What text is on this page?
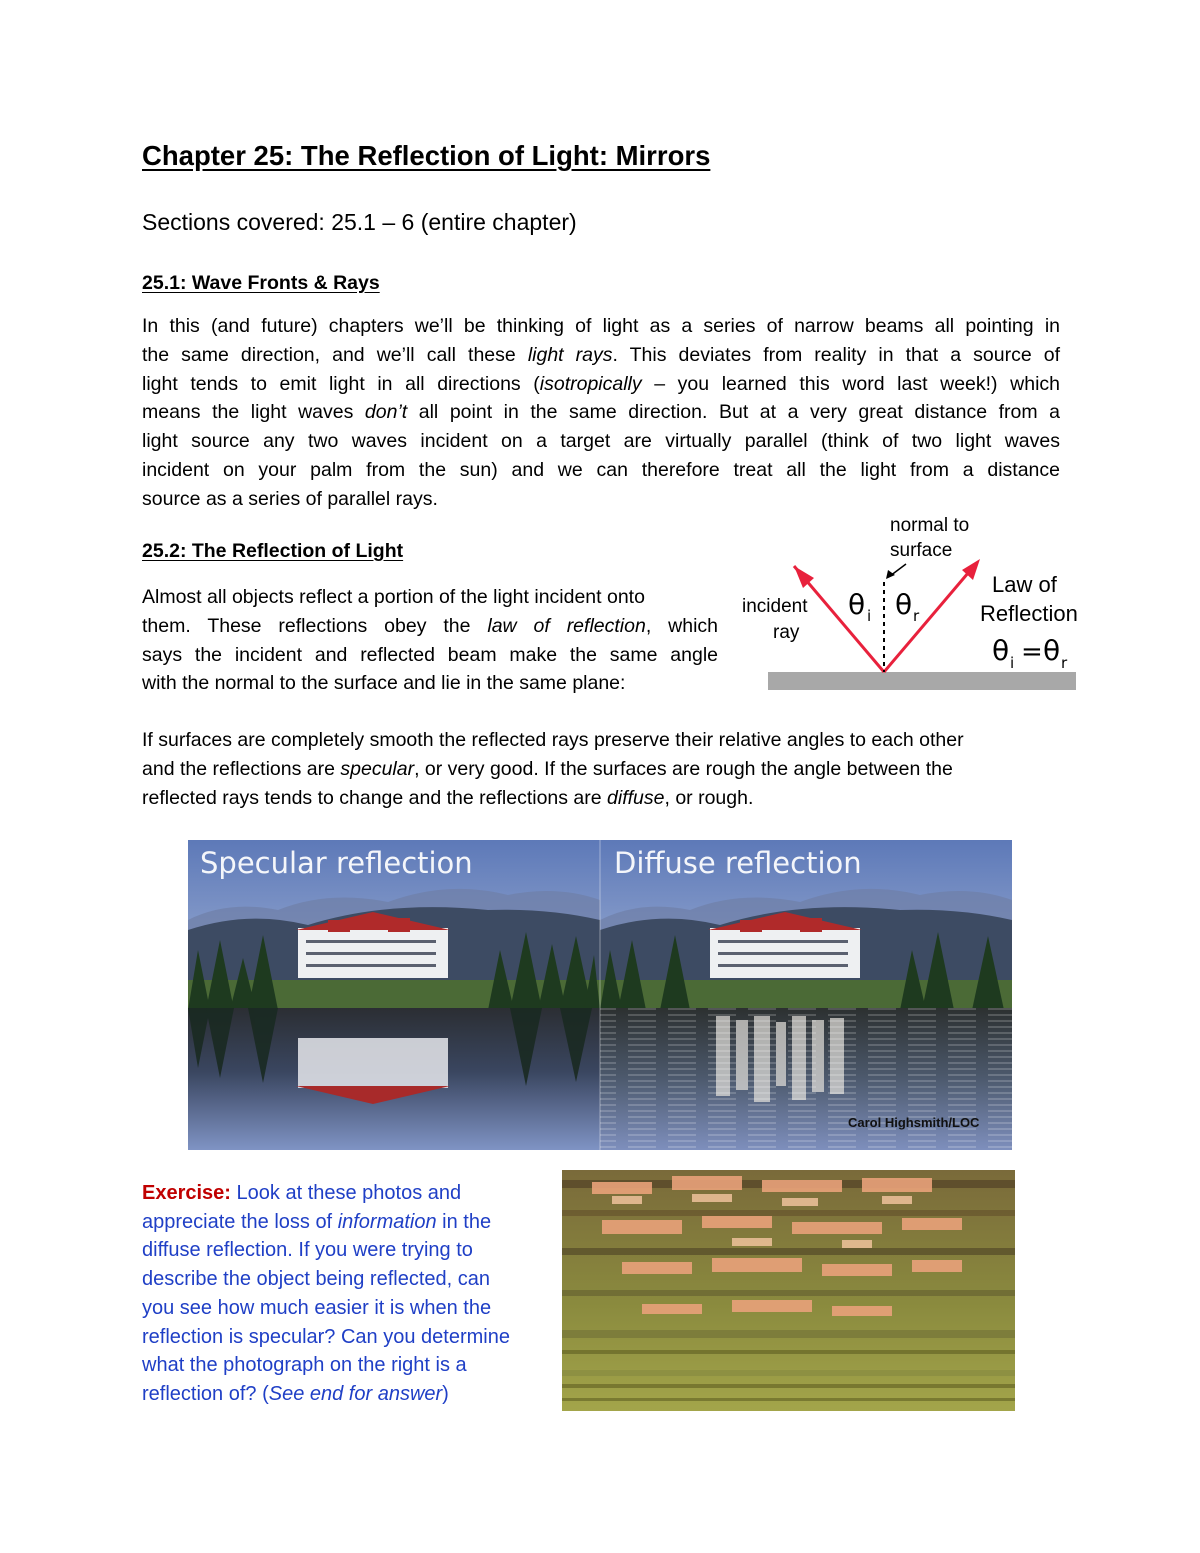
Chapter 25: The Reflection of Light: Mirrors
Sections covered: 25.1 – 6 (entire chapter)
25.1: Wave Fronts & Rays
In this (and future) chapters we’ll be thinking of light as a series of narrow beams all pointing in
the same direction, and we’ll call these light rays. This deviates from reality in that a source of
light tends to emit light in all directions (isotropically – you learned this word last week!) which
means the light waves don’t all point in the same direction. But at a very great distance from a
light source any two waves incident on a target are virtually parallel (think of two light waves
incident on your palm from the sun) and we can therefore treat all the light from a distance
source as a series of parallel rays.
25.2: The Reflection of Light
Almost all objects reflect a portion of the light incident onto
them. These reflections obey the law of reflection, which
says the incident and reflected beam make the same angle
with the normal to the surface and lie in the same plane:
normal to
surface
incident
ray
θ i θ r
Law of
Reflection
θ i = θ r
If surfaces are completely smooth the reflected rays preserve their relative angles to each other
and the reflections are specular, or very good. If the surfaces are rough the angle between the
reflected rays tends to change and the reflections are diffuse, or rough.
Specular reflection	Diffuse reflection
Carol Highsmith/LOC
Exercise: Look at these photos and
appreciate the loss of information in the
diffuse reflection. If you were trying to
describe the object being reflected, can
you see how much easier it is when the
reflection is specular? Can you determine
what the photograph on the right is a
reflection of? (See end for answer)
